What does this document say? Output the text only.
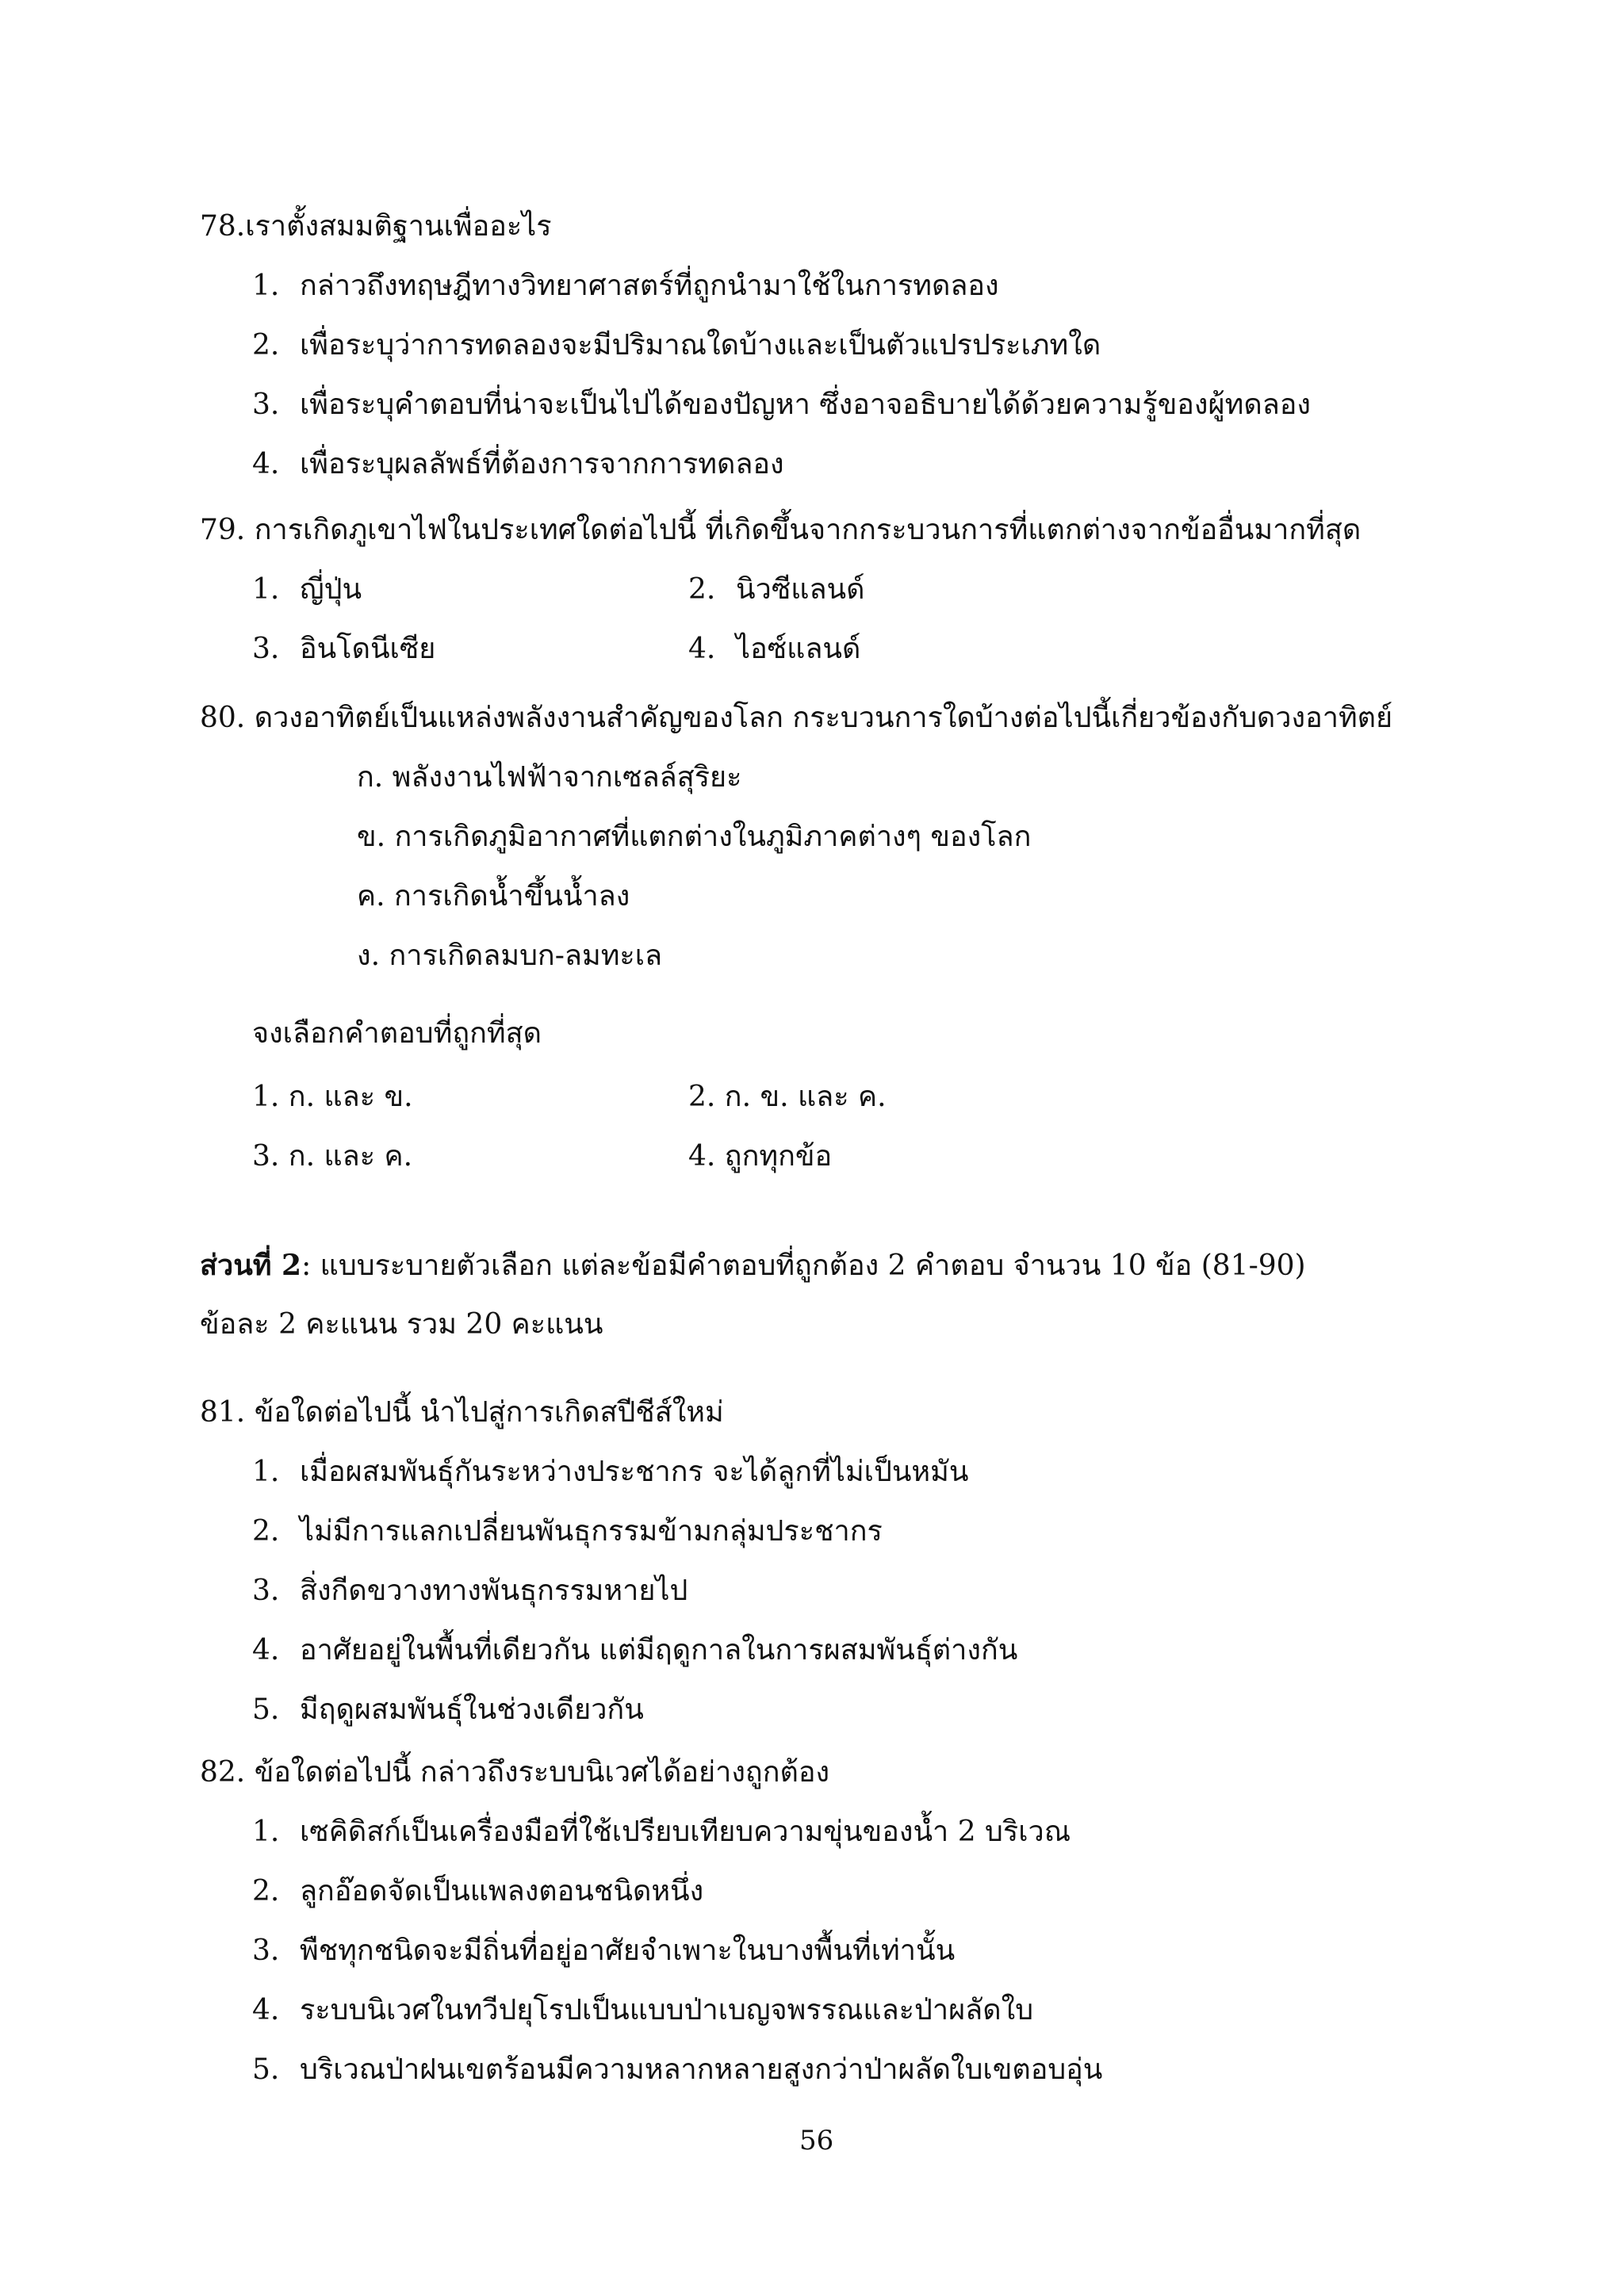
78.เราตั้งสมมติฐานเพื่ออะไร
1. กล่าวถึงทฤษฎีทางวิทยาศาสตร์ที่ถูกนำมาใช้ในการทดลอง
2. เพื่อระบุว่าการทดลองจะมีปริมาณใดบ้างและเป็นตัวแปรประเภทใด
3. เพื่อระบุคำตอบที่น่าจะเป็นไปได้ของปัญหา ซึ่งอาจอธิบายได้ด้วยความรู้ของผู้ทดลอง
4. เพื่อระบุผลลัพธ์ที่ต้องการจากการทดลอง
79. การเกิดภูเขาไฟในประเทศใดต่อไปนี้ ที่เกิดขึ้นจากกระบวนการที่แตกต่างจากข้ออื่นมากที่สุด
1. ญี่ปุ่น	2. นิวซีแลนด์
3. อินโดนีเซีย	4. ไอซ์แลนด์
80. ดวงอาทิตย์เป็นแหล่งพลังงานสำคัญของโลก กระบวนการใดบ้างต่อไปนี้เกี่ยวข้องกับดวงอาทิตย์
ก. พลังงานไฟฟ้าจากเซลล์สุริยะ
ข. การเกิดภูมิอากาศที่แตกต่างในภูมิภาคต่างๆ ของโลก
ค. การเกิดน้ำขึ้นน้ำลง
ง. การเกิดลมบก-ลมทะเล
จงเลือกคำตอบที่ถูกที่สุด
1. ก. และ ข.	2. ก. ข. และ ค.
3. ก. และ ค.	4. ถูกทุกข้อ
ส่วนที่ 2: แบบระบายตัวเลือก แต่ละข้อมีคำตอบที่ถูกต้อง 2 คำตอบ จำนวน 10 ข้อ (81-90)
ข้อละ 2 คะแนน รวม 20 คะแนน
81. ข้อใดต่อไปนี้ นำไปสู่การเกิดสปีชีส์ใหม่
1. เมื่อผสมพันธุ์กันระหว่างประชากร จะได้ลูกที่ไม่เป็นหมัน
2. ไม่มีการแลกเปลี่ยนพันธุกรรมข้ามกลุ่มประชากร
3. สิ่งกีดขวางทางพันธุกรรมหายไป
4. อาศัยอยู่ในพื้นที่เดียวกัน แต่มีฤดูกาลในการผสมพันธุ์ต่างกัน
5. มีฤดูผสมพันธุ์ในช่วงเดียวกัน
82. ข้อใดต่อไปนี้ กล่าวถึงระบบนิเวศได้อย่างถูกต้อง
1. เซคิดิสก์เป็นเครื่องมือที่ใช้เปรียบเทียบความขุ่นของน้ำ 2 บริเวณ
2. ลูกอ๊อดจัดเป็นแพลงตอนชนิดหนึ่ง
3. พืชทุกชนิดจะมีถิ่นที่อยู่อาศัยจำเพาะในบางพื้นที่เท่านั้น
4. ระบบนิเวศในทวีปยุโรปเป็นแบบป่าเบญจพรรณและป่าผลัดใบ
5. บริเวณป่าฝนเขตร้อนมีความหลากหลายสูงกว่าป่าผลัดใบเขตอบอุ่น
56
